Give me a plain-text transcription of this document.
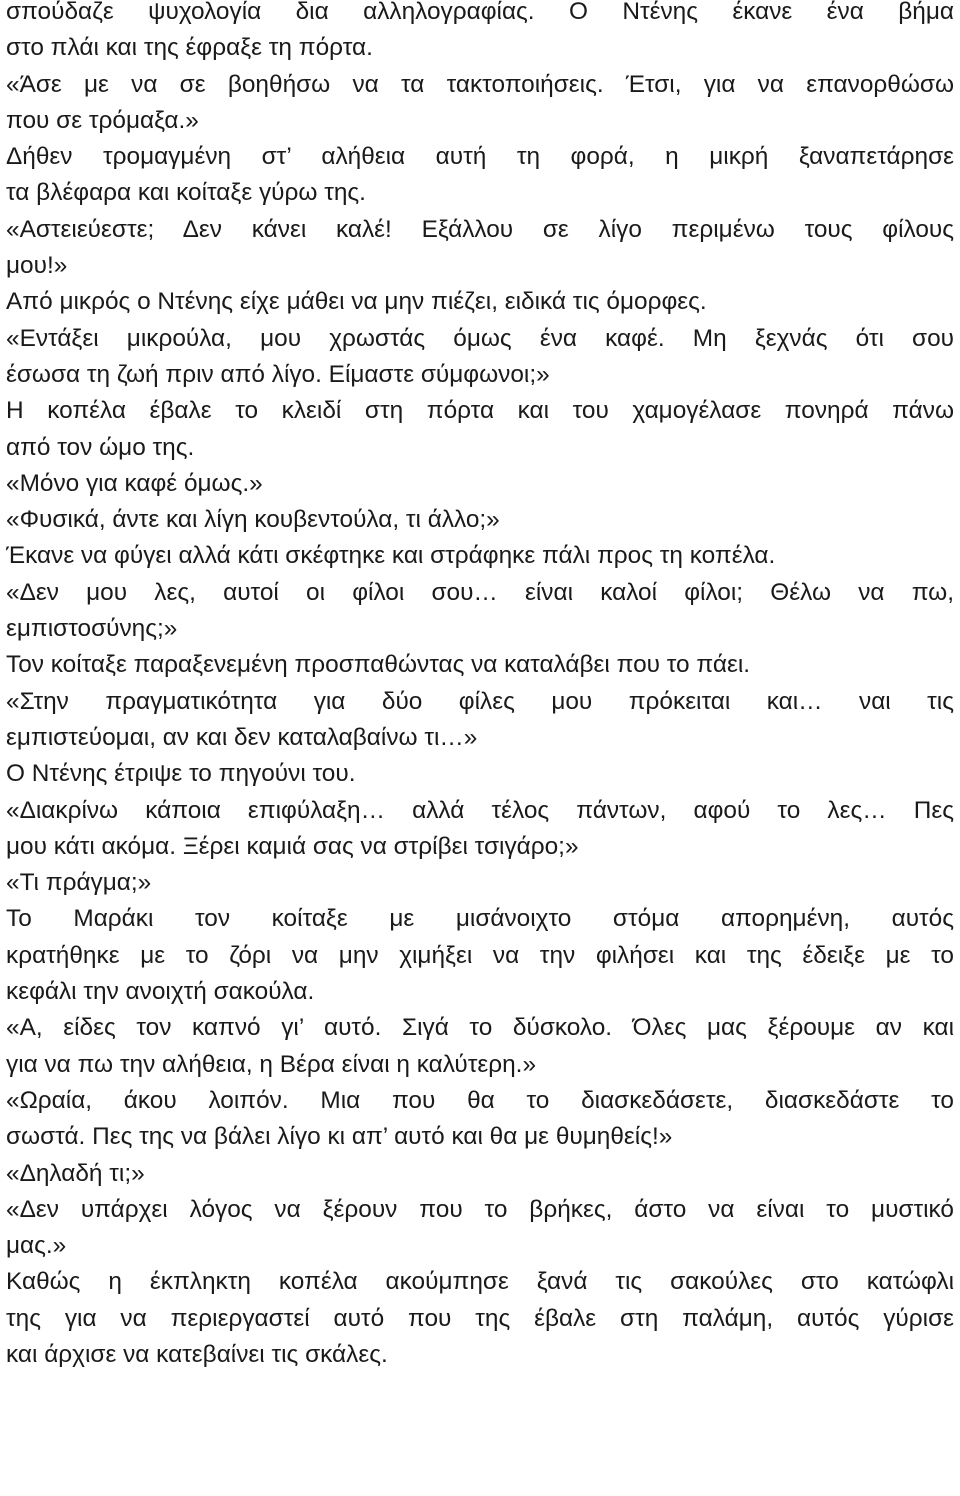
σπούδαζε ψυχολογία δια αλληλογραφίας. Ο Ντένης έκανε ένα βήμα
στο πλάι και της έφραξε τη πόρτα.
«Άσε με να σε βοηθήσω να τα τακτοποιήσεις. Έτσι, για να επανορθώσω
που σε τρόμαξα.»
Δήθεν τρομαγμένη στ’ αλήθεια αυτή τη φορά, η μικρή ξαναπετάρησε
τα βλέφαρα και κοίταξε γύρω της.
«Αστειεύεστε; Δεν κάνει καλέ! Εξάλλου σε λίγο περιμένω τους φίλους
μου!»
Από μικρός ο Ντένης είχε μάθει να μην πιέζει, ειδικά τις όμορφες.
«Εντάξει μικρούλα, μου χρωστάς όμως ένα καφέ. Μη ξεχνάς ότι σου
έσωσα τη ζωή πριν από λίγο. Είμαστε σύμφωνοι;»
Η κοπέλα έβαλε το κλειδί στη πόρτα και του χαμογέλασε πονηρά πάνω
από τον ώμο της.
«Μόνο για καφέ όμως.»
«Φυσικά, άντε και λίγη κουβεντούλα, τι άλλο;»
Έκανε να φύγει αλλά κάτι σκέφτηκε και στράφηκε πάλι προς τη κοπέλα.
«Δεν μου λες, αυτοί οι φίλοι σου… είναι καλοί φίλοι; Θέλω να πω,
εμπιστοσύνης;»
Τον κοίταξε παραξενεμένη προσπαθώντας να καταλάβει που το πάει.
«Στην πραγματικότητα για δύο φίλες μου πρόκειται και… ναι τις
εμπιστεύομαι, αν και δεν καταλαβαίνω τι…»
Ο Ντένης έτριψε το πηγούνι του.
«Διακρίνω κάποια επιφύλαξη… αλλά τέλος πάντων, αφού το λες… Πες
μου κάτι ακόμα. Ξέρει καμιά σας να στρίβει τσιγάρο;»
«Τι πράγμα;»
Το Μαράκι τον κοίταξε με μισάνοιχτο στόμα απορημένη, αυτός
κρατήθηκε με το ζόρι να μην χιμήξει να την φιλήσει και της έδειξε με το
κεφάλι την ανοιχτή σακούλα.
«Α, είδες τον καπνό γι’ αυτό. Σιγά το δύσκολο. Όλες μας ξέρουμε αν και
για να πω την αλήθεια, η Βέρα είναι η καλύτερη.»
«Ωραία, άκου λοιπόν. Μια που θα το διασκεδάσετε, διασκεδάστε το
σωστά. Πες της να βάλει λίγο κι απ’ αυτό και θα με θυμηθείς!»
«Δηλαδή τι;»
«Δεν υπάρχει λόγος να ξέρουν που το βρήκες, άστο να είναι το μυστικό
μας.»
Καθώς η έκπληκτη κοπέλα ακούμπησε ξανά τις σακούλες στο κατώφλι
της για να περιεργαστεί αυτό που της έβαλε στη παλάμη, αυτός γύρισε
και άρχισε να κατεβαίνει τις σκάλες.
